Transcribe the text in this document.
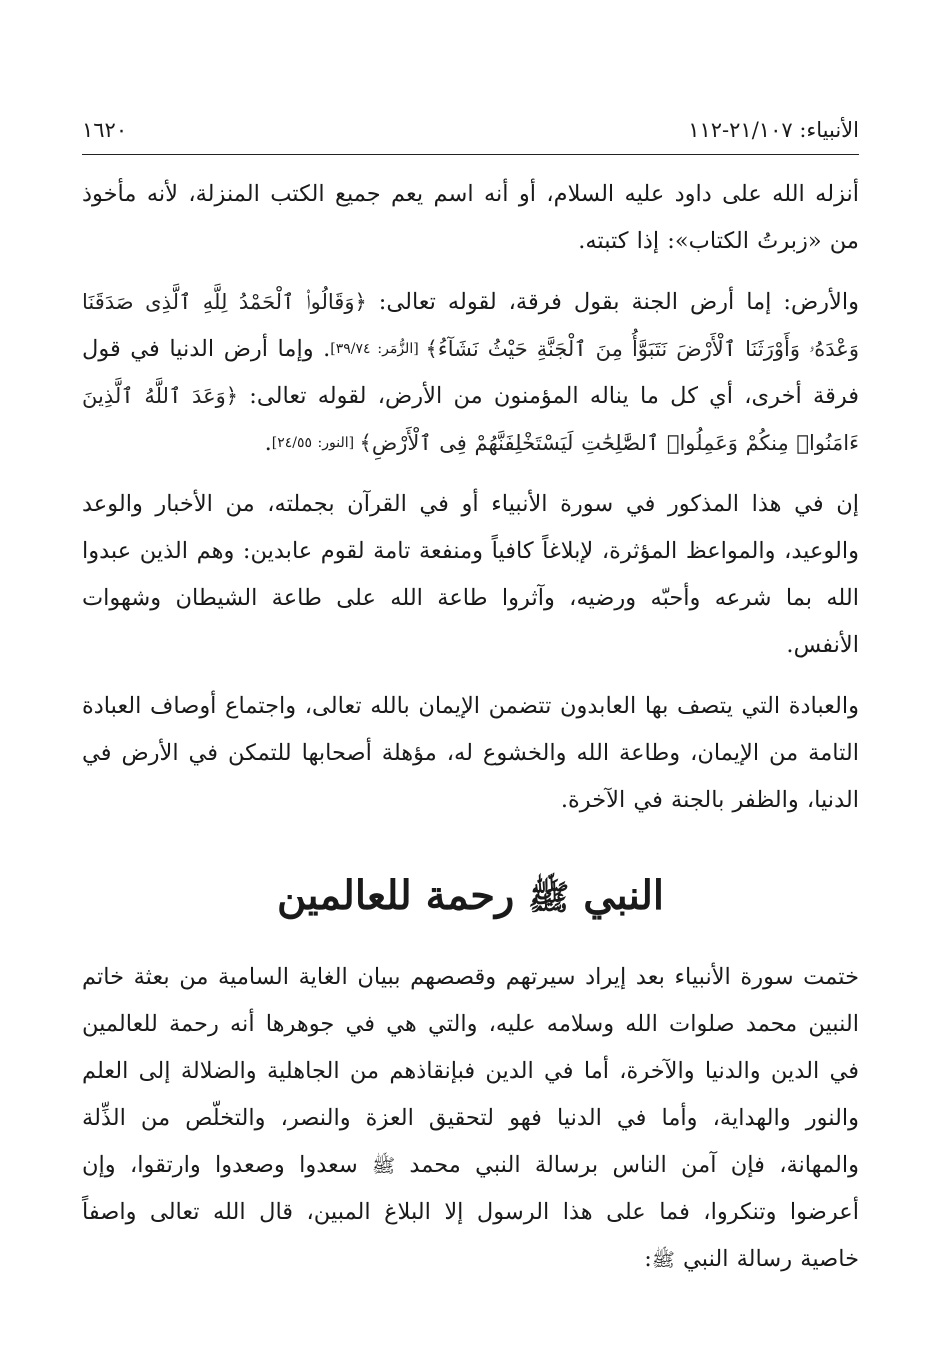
الأنبياء: ٢١/١٠٧-١١٢
١٦٢٠

أنزله الله على داود عليه السلام، أو أنه اسم يعم جميع الكتب المنزلة، لأنه مأخوذ من «زبرتُ الكتاب»: إذا كتبته.

والأرض: إما أرض الجنة بقول فرقة، لقوله تعالى: ﴿وَقَالُوا۟ ٱلْحَمْدُ لِلَّهِ ٱلَّذِى صَدَقَنَا وَعْدَهُۥ وَأَوْرَثَنَا ٱلْأَرْضَ نَتَبَوَّأُ مِنَ ٱلْجَنَّةِ حَيْثُ نَشَآءُ﴾ [الزُّمَر: ٣٩/٧٤]. وإما أرض الدنيا في قول فرقة أخرى، أي كل ما يناله المؤمنون من الأرض، لقوله تعالى: ﴿وَعَدَ ٱللَّهُ ٱلَّذِينَ ءَامَنُوا۟ مِنكُمْ وَعَمِلُوا۟ ٱلصَّٰلِحَٰتِ لَيَسْتَخْلِفَنَّهُمْ فِى ٱلْأَرْضِ﴾ [النور: ٢٤/٥٥].

إن في هذا المذكور في سورة الأنبياء أو في القرآن بجملته، من الأخبار والوعد والوعيد، والمواعظ المؤثرة، لإبلاغاً كافياً ومنفعة تامة لقوم عابدين: وهم الذين عبدوا الله بما شرعه وأحبّه ورضيه، وآثروا طاعة الله على طاعة الشيطان وشهوات الأنفس.

والعبادة التي يتصف بها العابدون تتضمن الإيمان بالله تعالى، واجتماع أوصاف العبادة التامة من الإيمان، وطاعة الله والخشوع له، مؤهلة أصحابها للتمكن في الأرض في الدنيا، والظفر بالجنة في الآخرة.

النبي ﷺ رحمة للعالمين

ختمت سورة الأنبياء بعد إيراد سيرتهم وقصصهم ببيان الغاية السامية من بعثة خاتم النبين محمد صلوات الله وسلامه عليه، والتي هي في جوهرها أنه رحمة للعالمين في الدين والدنيا والآخرة، أما في الدين فبإنقاذهم من الجاهلية والضلالة إلى العلم والنور والهداية، وأما في الدنيا فهو لتحقيق العزة والنصر، والتخلّص من الذِّلة والمهانة، فإن آمن الناس برسالة النبي محمد ﷺ سعدوا وصعدوا وارتقوا، وإن أعرضوا وتنكروا، فما على هذا الرسول إلا البلاغ المبين، قال الله تعالى واصفاً خاصية رسالة النبي ﷺ:
